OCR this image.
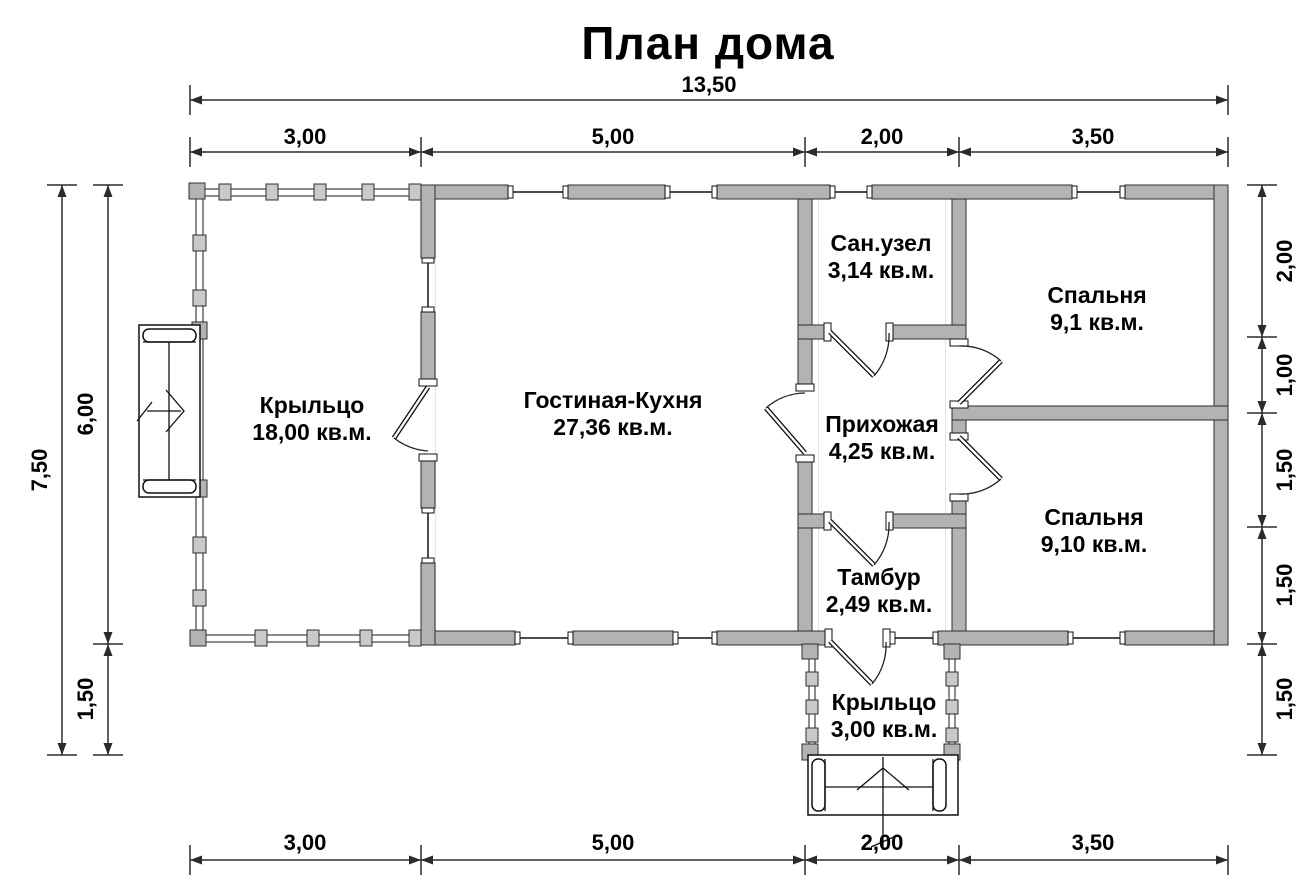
План дома
13,50
3,00	5,00	2,00	3,50
3,00	5,00	2,00	3,50
7,50
6,00
1,50
2,00
1,00
1,50
1,50
1,50
Крыльцо
18,00 кв.м.
Гостиная-Кухня
27,36 кв.м.
Сан.узел
3,14 кв.м.
Спальня
9,1 кв.м.
Прихожая
4,25 кв.м.
Спальня
9,10 кв.м.
Тамбур
2,49 кв.м.
Крыльцо
3,00 кв.м.
